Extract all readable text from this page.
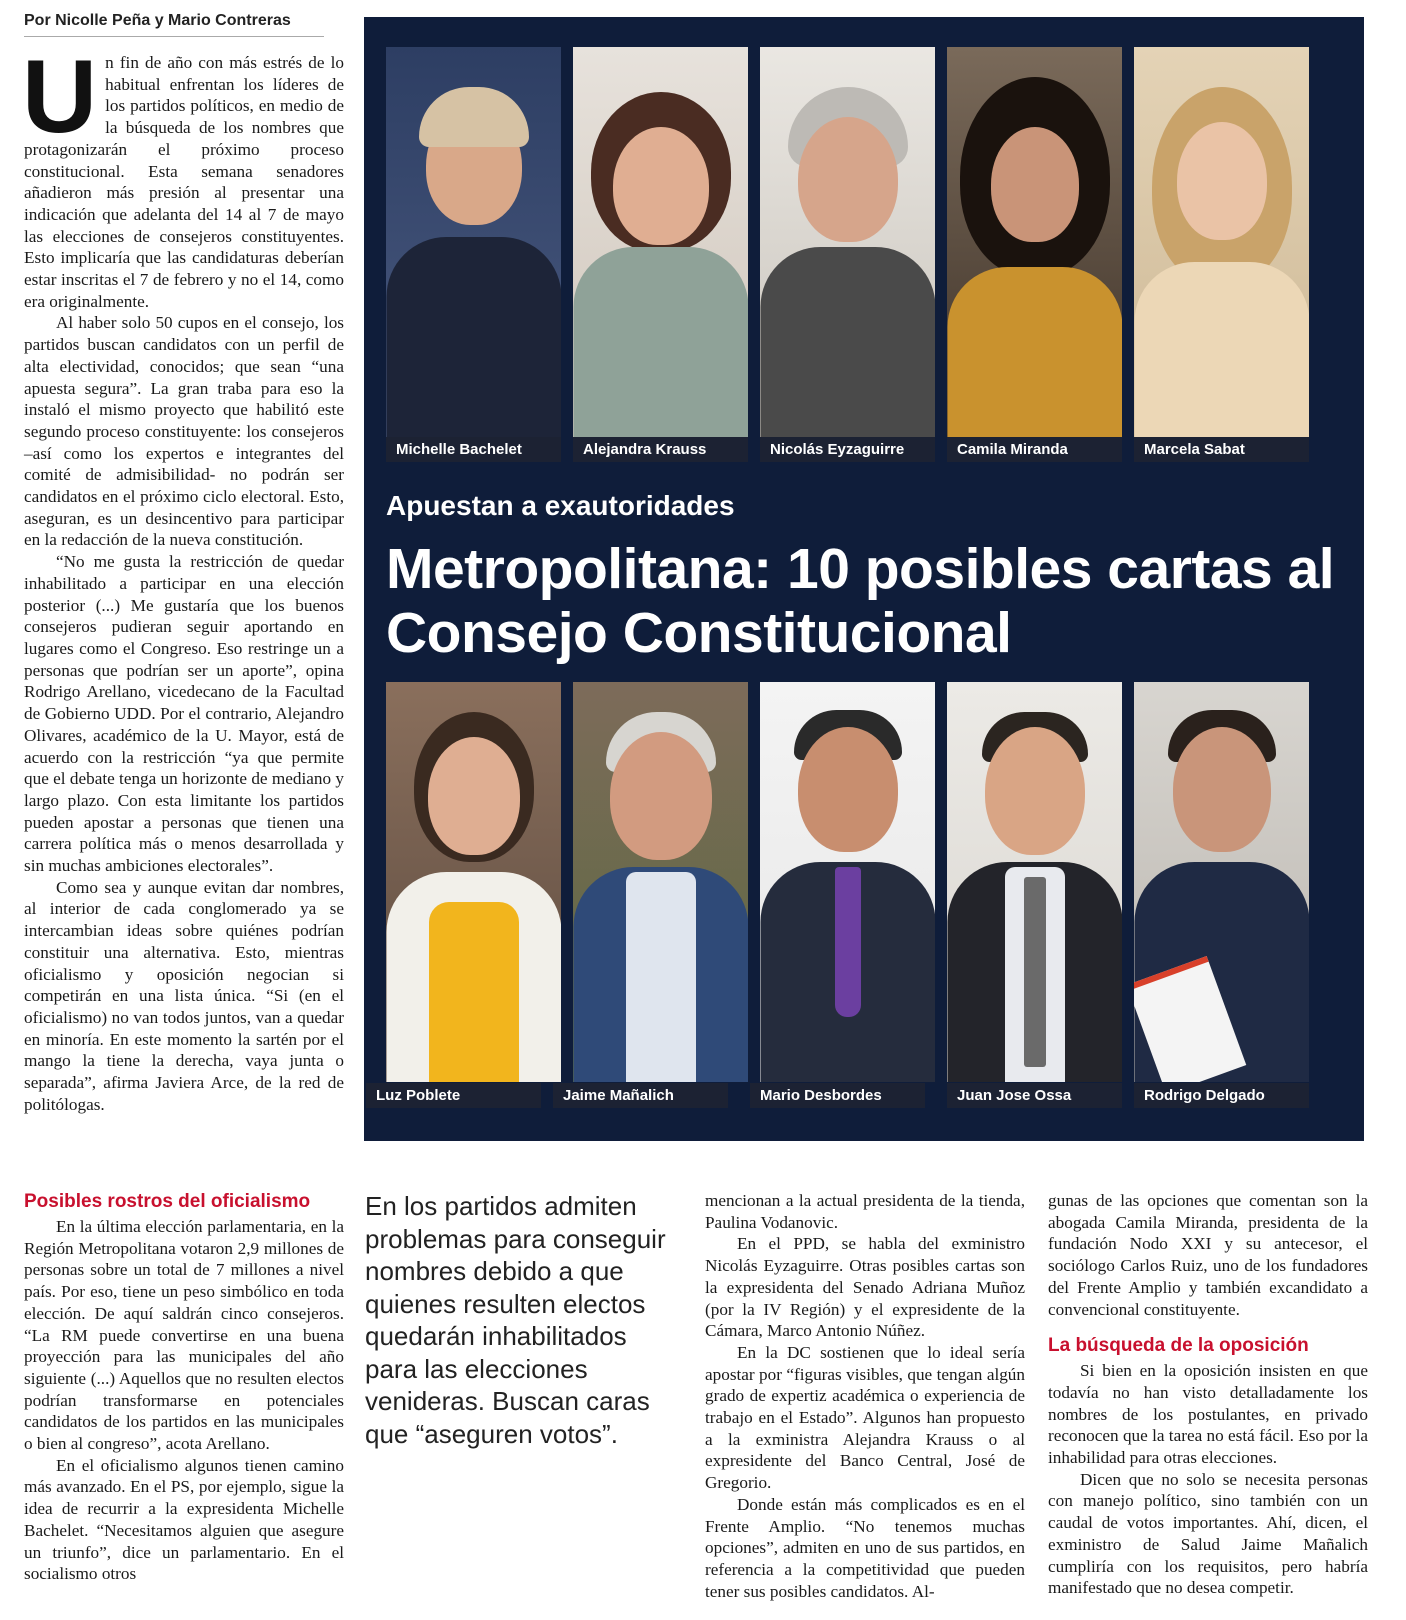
Por Nicolle Peña y Mario Contreras
U n fin de año con más estrés de lo habitual enfrentan los líderes de los partidos políticos, en medio de la búsqueda de los nombres que protagonizarán el próximo proceso constitucional. Esta semana senadores añadieron más presión al presentar una indicación que adelanta del 14 al 7 de mayo las elecciones de consejeros constituyentes. Esto implicaría que las candidaturas deberían estar inscritas el 7 de febrero y no el 14, como era originalmente.

Al haber solo 50 cupos en el consejo, los partidos buscan candidatos con un perfil de alta electividad, conocidos; que sean “una apuesta segura”. La gran traba para eso la instaló el mismo proyecto que habilitó este segundo proceso constituyente: los consejeros –así como los expertos e integrantes del comité de admisibilidad- no podrán ser candidatos en el próximo ciclo electoral. Esto, aseguran, es un desincentivo para participar en la redacción de la nueva constitución.

“No me gusta la restricción de quedar inhabilitado a participar en una elección posterior (...) Me gustaría que los buenos consejeros pudieran seguir aportando en lugares como el Congreso. Eso restringe un a personas que podrían ser un aporte”, opina Rodrigo Arellano, vicedecano de la Facultad de Gobierno UDD. Por el contrario, Alejandro Olivares, académico de la U. Mayor, está de acuerdo con la restricción “ya que permite que el debate tenga un horizonte de mediano y largo plazo. Con esta limitante los partidos pueden apostar a personas que tienen una carrera política más o menos desarrollada y sin muchas ambiciones electorales”.

Como sea y aunque evitan dar nombres, al interior de cada conglomerado ya se intercambian ideas sobre quiénes podrían constituir una alternativa. Esto, mientras oficialismo y oposición negocian si competirán en una lista única. “Si (en el oficialismo) no van todos juntos, van a quedar en minoría. En este momento la sartén por el mango la tiene la derecha, vaya junta o separada”, afirma Javiera Arce, de la red de politólogas.

Michelle Bachelet	Alejandra Krauss	Nicolás Eyzaguirre	Camila Miranda	Marcela Sabat
Apuestan a exautoridades
Metropolitana: 10 posibles cartas al Consejo Constitucional
Luz Poblete	Jaime Mañalich	Mario Desbordes	Juan Jose Ossa	Rodrigo Delgado
Posibles rostros del oficialismo

En la última elección parlamentaria, en la Región Metropolitana votaron 2,9 millones de personas sobre un total de 7 millones a nivel país. Por eso, tiene un peso simbólico en toda elección. De aquí saldrán cinco consejeros. “La RM puede convertirse en una buena proyección para las municipales del año siguiente (...) Aquellos que no resulten electos podrían transformarse en potenciales candidatos de los partidos en las municipales o bien al congreso”, acota Arellano.

En el oficialismo algunos tienen camino más avanzado. En el PS, por ejemplo, sigue la idea de recurrir a la expresidenta Michelle Bachelet. “Necesitamos alguien que asegure un triunfo”, dice un parlamentario. En el socialismo otros

En los partidos admiten problemas para conseguir nombres debido a que quienes resulten electos quedarán inhabilitados para las elecciones venideras. Buscan caras que “aseguren votos”.

mencionan a la actual presidenta de la tienda, Paulina Vodanovic.

En el PPD, se habla del exministro Nicolás Eyzaguirre. Otras posibles cartas son la expresidenta del Senado Adriana Muñoz (por la IV Región) y el expresidente de la Cámara, Marco Antonio Núñez.

En la DC sostienen que lo ideal sería apostar por “figuras visibles, que tengan algún grado de expertiz académica o experiencia de trabajo en el Estado”. Algunos han propuesto a la exministra Alejandra Krauss o al expresidente del Banco Central, José de Gregorio.

Donde están más complicados es en el Frente Amplio. “No tenemos muchas opciones”, admiten en uno de sus partidos, en referencia a la competitividad que pueden tener sus posibles candidatos. Al-

gunas de las opciones que comentan son la abogada Camila Miranda, presidenta de la fundación Nodo XXI y su antecesor, el sociólogo Carlos Ruiz, uno de los fundadores del Frente Amplio y también excandidato a convencional constituyente.

La búsqueda de la oposición

Si bien en la oposición insisten en que todavía no han visto detalladamente los nombres de los postulantes, en privado reconocen que la tarea no está fácil. Eso por la inhabilidad para otras elecciones.

Dicen que no solo se necesita personas con manejo político, sino también con un caudal de votos importantes. Ahí, dicen, el exministro de Salud Jaime Mañalich cumpliría con los requisitos, pero habría manifestado que no desea competir.
